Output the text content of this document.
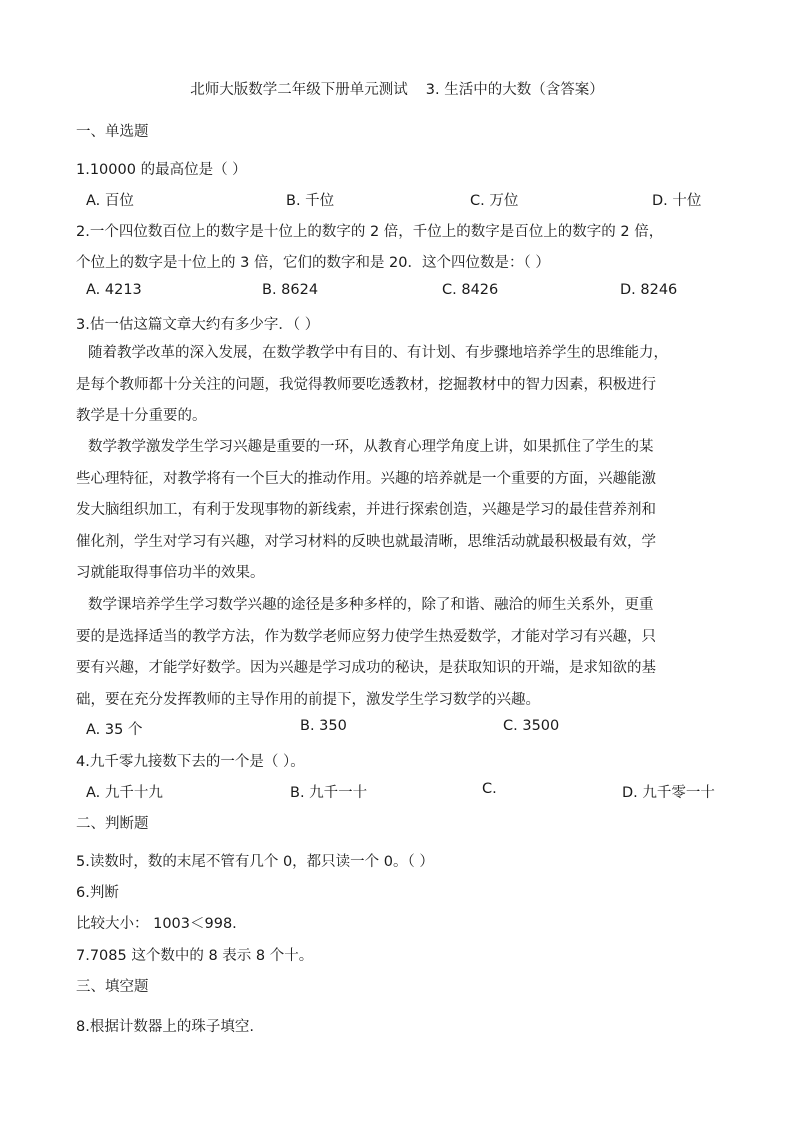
北师大版数学二年级下册单元测试 3. 生活中的大数（含答案）
一、单选题
1.10000 的最高位是（ ）
A. 百位	B. 千位	C. 万位	D. 十位
2.一个四位数百位上的数字是十位上的数字的 2 倍，千位上的数字是百位上的数字的 2 倍，
个位上的数字是十位上的 3 倍，它们的数字和是 20．这个四位数是：（ ）
A. 4213	B. 8624	C. 8426	D. 8246
3.估一估这篇文章大约有多少字．（ ）
随着教学改革的深入发展，在数学教学中有目的、有计划、有步骤地培养学生的思维能力，
是每个教师都十分关注的问题，我觉得教师要吃透教材，挖掘教材中的智力因素，积极进行
教学是十分重要的。
数学教学激发学生学习兴趣是重要的一环，从教育心理学角度上讲，如果抓住了学生的某
些心理特征，对教学将有一个巨大的推动作用。兴趣的培养就是一个重要的方面，兴趣能激
发大脑组织加工，有利于发现事物的新线索，并进行探索创造，兴趣是学习的最佳营养剂和
催化剂，学生对学习有兴趣，对学习材料的反映也就最清晰，思维活动就最积极最有效，学
习就能取得事倍功半的效果。
数学课培养学生学习数学兴趣的途径是多种多样的，除了和谐、融洽的师生关系外，更重
要的是选择适当的教学方法，作为数学老师应努力使学生热爱数学，才能对学习有兴趣，只
要有兴趣，才能学好数学。因为兴趣是学习成功的秘诀，是获取知识的开端，是求知欲的基
础，要在充分发挥教师的主导作用的前提下，激发学生学习数学的兴趣。
A. 35 个	B. 350	C. 3500
4.九千零九接数下去的一个是（ ）。
A. 九千十九	B. 九千一十	C.	D. 九千零一十
二、判断题
5.读数时，数的末尾不管有几个 0，都只读一个 0。（ ）
6.判断
比较大小： 1003＜998.
7.7085 这个数中的 8 表示 8 个十。
三、填空题
8.根据计数器上的珠子填空.
